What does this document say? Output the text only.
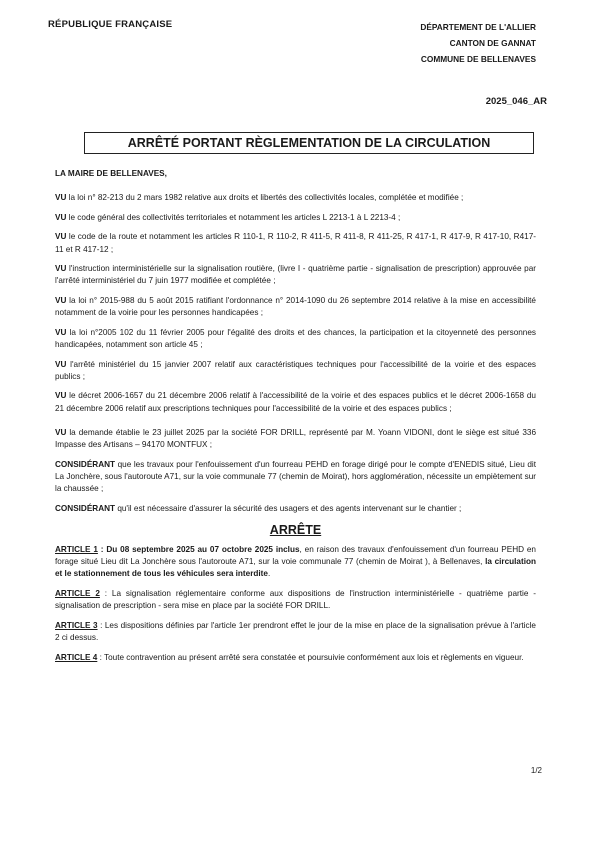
RÉPUBLIQUE FRANÇAISE	DÉPARTEMENT DE L'ALLIER
CANTON DE GANNAT
COMMUNE DE BELLENAVES
2025_046_AR
ARRÊTÉ PORTANT RÈGLEMENTATION DE LA CIRCULATION

LA MAIRE DE BELLENAVES,

VU la loi n° 82-213 du 2 mars 1982 relative aux droits et libertés des collectivités locales, complétée et modifiée ;

VU le code général des collectivités territoriales et notamment les articles L 2213-1 à L 2213-4 ;

VU le code de la route et notamment les articles R 110-1, R 110-2, R 411-5, R 411-8, R 411-25, R 417-1, R 417-9, R 417-10, R417-11 et R 417-12 ;

VU l'instruction interministérielle sur la signalisation routière, (livre I - quatrième partie - signalisation de prescription) approuvée par l'arrêté interministériel du 7 juin 1977 modifiée et complétée ;

VU la loi n° 2015-988 du 5 août 2015 ratifiant l'ordonnance n° 2014-1090 du 26 septembre 2014 relative à la mise en accessibilité notamment de la voirie pour les personnes handicapées ;

VU la loi n°2005 102 du 11 février 2005 pour l'égalité des droits et des chances, la participation et la citoyenneté des personnes handicapées, notamment son article 45 ;

VU l'arrêté ministériel du 15 janvier 2007 relatif aux caractéristiques techniques pour l'accessibilité de la voirie et des espaces publics ;

VU le décret 2006-1657 du 21 décembre 2006 relatif à l'accessibilité de la voirie et des espaces publics et le décret 2006-1658 du 21 décembre 2006 relatif aux prescriptions techniques pour l'accessibilité de la voirie et des espaces publics ;

VU la demande établie le 23 juillet 2025 par la société FOR DRILL, représenté par M. Yoann VIDONI, dont le siège est situé 336 Impasse des Artisans – 94170 MONTFUX ;

CONSIDÉRANT que les travaux pour l'enfouissement d'un fourreau PEHD en forage dirigé pour le compte d'ENEDIS situé, Lieu dit La Jonchère, sous l'autoroute A71, sur la voie communale 77 (chemin de Moirat), hors agglomération, nécessite un empiètement sur la chaussée ;

CONSIDÉRANT qu'il est nécessaire d'assurer la sécurité des usagers et des agents intervenant sur le chantier ;

ARRÊTE

ARTICLE 1 : Du 08 septembre 2025 au 07 octobre 2025 inclus, en raison des travaux d'enfouissement d'un fourreau PEHD en forage situé Lieu dit La Jonchère sous l'autoroute A71, sur la voie communale 77 (chemin de Moirat ), à Bellenaves, la circulation et le stationnement de tous les véhicules sera interdite.

ARTICLE 2 : La signalisation réglementaire conforme aux dispositions de l'instruction interministérielle - quatrième partie - signalisation de prescription - sera mise en place par la société FOR DRILL.

ARTICLE 3 : Les dispositions définies par l'article 1er prendront effet le jour de la mise en place de la signalisation prévue à l'article 2 ci dessus.

ARTICLE 4 : Toute contravention au présent arrêté sera constatée et poursuivie conformément aux lois et règlements en vigueur.

1/2
